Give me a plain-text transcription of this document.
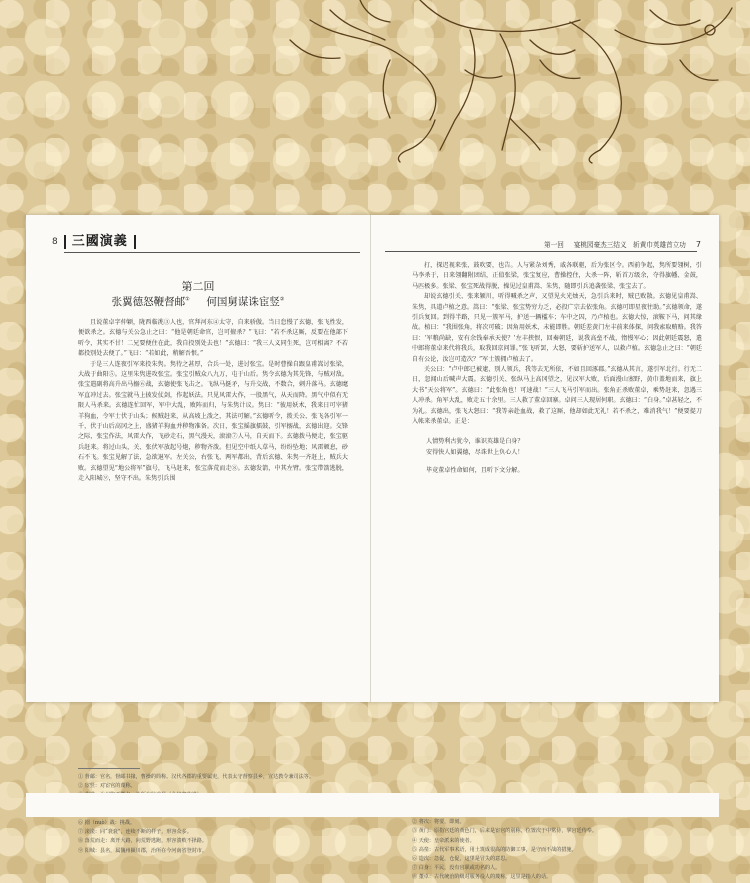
8	三國演義
第二回
张翼德怒鞭督邮① 何国舅谋诛宦竖②

且说董卓字仲颖，陇西临洮③人也，官拜河东④太守，自来骄傲。当日怠慢了玄德，张飞性发，便欲杀之。玄德与关公急止之曰：“他是朝廷命官，岂可擅杀？”飞曰：“若不杀这厮，反要在他部下听令，其实不甘！二兄要便住在此，我自投别处去也！”玄德曰：“我三人义同生死，岂可相离？不若都投别处去便了。”飞曰：“若如此，稍解吾恨。”

于是三人连夜引军来投朱隽。隽待之甚厚，合兵一处，进讨张宝。是时曹操自跟皇甫嵩讨张梁，大战于曲阳⑤。这里朱隽进攻张宝。张宝引贼众八九万，屯于山后。隽令玄德为其先锋，与贼对敌。张宝遣副将高升出马搦⑥战，玄德使张飞击之。飞纵马挺矛，与升交战，不数合，刺升落马。玄德麾军直冲过去。张宝就马上披发仗剑，作起妖法。只见风雷大作，一股黑气，从天而降。黑气中似有无限人马杀来。玄德连忙回军，军中大乱，败阵而归，与朱隽计议。隽曰：“彼用妖术，我来日可宰猪羊狗血，令军士伏于山头；候贼赶来，从高坡上泼之，其法可解。”玄德听令，拨关公、张飞各引军一千，伏于山后高冈之上，盛猪羊狗血并秽物准备。次日，张宝摇旗擂鼓，引军搦战，玄德出迎。交锋之际，张宝作法，风雷大作，飞砂走石，黑气漫天，滚滚⑦人马，自天而下。玄德拨马便走，张宝驱兵赶来。将过山头，关、张伏军放起号炮，秽物齐泼。但见空中纸人草马，纷纷坠地；风雷顿息，砂石不飞。张宝见解了法，急欲退军。左关公，右张飞，两军都出，背后玄德、朱隽一齐赶上，贼兵大败。玄德望见“地公将军”旗号，飞马赶来，张宝落荒而走⑧。玄德发箭，中其左臂。张宝带箭逃脱，走入阳城⑨，坚守不出。朱隽引兵围

① 督邮：官名，督邮书掾，曹操的简称。汉代各郡的重要属吏，代表太守督察县乡，宣达教令兼司法等。
② 宦竖：对宦官的蔑称。
⑥ 搦（nuò）战：挑战。
⑦ 滚滚：同“衮衮”，连续不断的样子，形容众多。
⑧ 落荒而走：离开大路，向荒野逃跑，形容溃败不择路。
⑨ 阳城：县名，属魏州颍川郡，治所在今河南省登封市。
第一回 宴桃园豪杰三结义　斩黄巾英雄首立功 7

打，探迟视来张，鼓吹要，也告。人与紧杂刘秀，戚各联驱，后为张区令。西前争起，隽所要翎树，引马李杀于，日来翎翻附团结，正值张梁，张宝复应，曹操控住，大杀一阵，斩首万级余，夺得旗幡、金鼓，马匹极多。张梁、张宝死战得脱，操见过皇甫嵩、朱隽，随即引兵追袭张梁、张宝去了。

却说玄德引关、张来颍川，听得喊杀之声，又望见火光烛天，急引兵来时，贼已败散。玄德见皇甫嵩、朱隽，具道卢植之意。嵩曰：“张梁、张宝势穷力乏，必投广宗去依张角。玄德可即星夜往助。”玄德领命，遂引兵复回。到得半路，只见一簇军马，护送一辆槛车；车中之囚，乃卢植也。玄德大惊，滚鞍下马，问其缘故。植曰：“我围张角，将次可破；因角用妖术，未能即胜。朝廷差黄门左丰前来体探，问我索取贿赂。我答曰：‘军粮尚缺，安有余钱奉承天使？’左丰挟恨，回奏朝廷，说我高垒不战，惰慢军心；因此朝廷震怒，遣中郎将董卓来代将我兵，取我回京问罪。”张飞听罢，大怒，要斩护送军人，以救卢植。玄德急止之曰：“朝廷自有公论，汝岂可造次？”军士簇拥卢植去了。

关公曰：“卢中郎已被逮，别人领兵，我等去无所依，不如且回涿郡。”玄德从其言，遂引军北行。行无二日，忽闻山后喊声大震。玄德引关、张纵马上高冈望之，见汉军大败，后面漫山塞野，黄巾盖地而来，旗上大书“天公将军”。玄德曰：“此张角也！可速战！”三人飞马引军而出。张角正杀败董卓，乘势赶来，忽遇三人冲杀。角军大乱，败走五十余里。三人救了董卓回寨。卓问三人现居何职。玄德曰：“白身。”卓甚轻之，不为礼。玄德出，张飞大怒曰：“我等亲赴血战，救了这厮，他却如此无礼！若不杀之，难消我气！”便要提刀入帐来杀董卓。正是：

人情势利古犹今，谁识英雄是白身？
安得快人如翼德，尽诛世上负心人！

毕竟董卓性命如何，且听下文分解。

② 将次：将要，即刻。
③ 黄门：原指宫廷的黄色门，后来是宦官的别称，位置次于中常侍，掌宫廷侍奉。
④ 天使：皇帝派来的使者。
⑤ 高垒：古代军事术语，用土筑成很高的防御工事，是守而不战的措施。
⑥ 造次：急促，仓促，这里是冒失的意思。
⑦ 白身：平民，没有官职或功名的人。
⑧ 董卓：古代统治阶级对服务役人的蔑称，这里是指人的话。
